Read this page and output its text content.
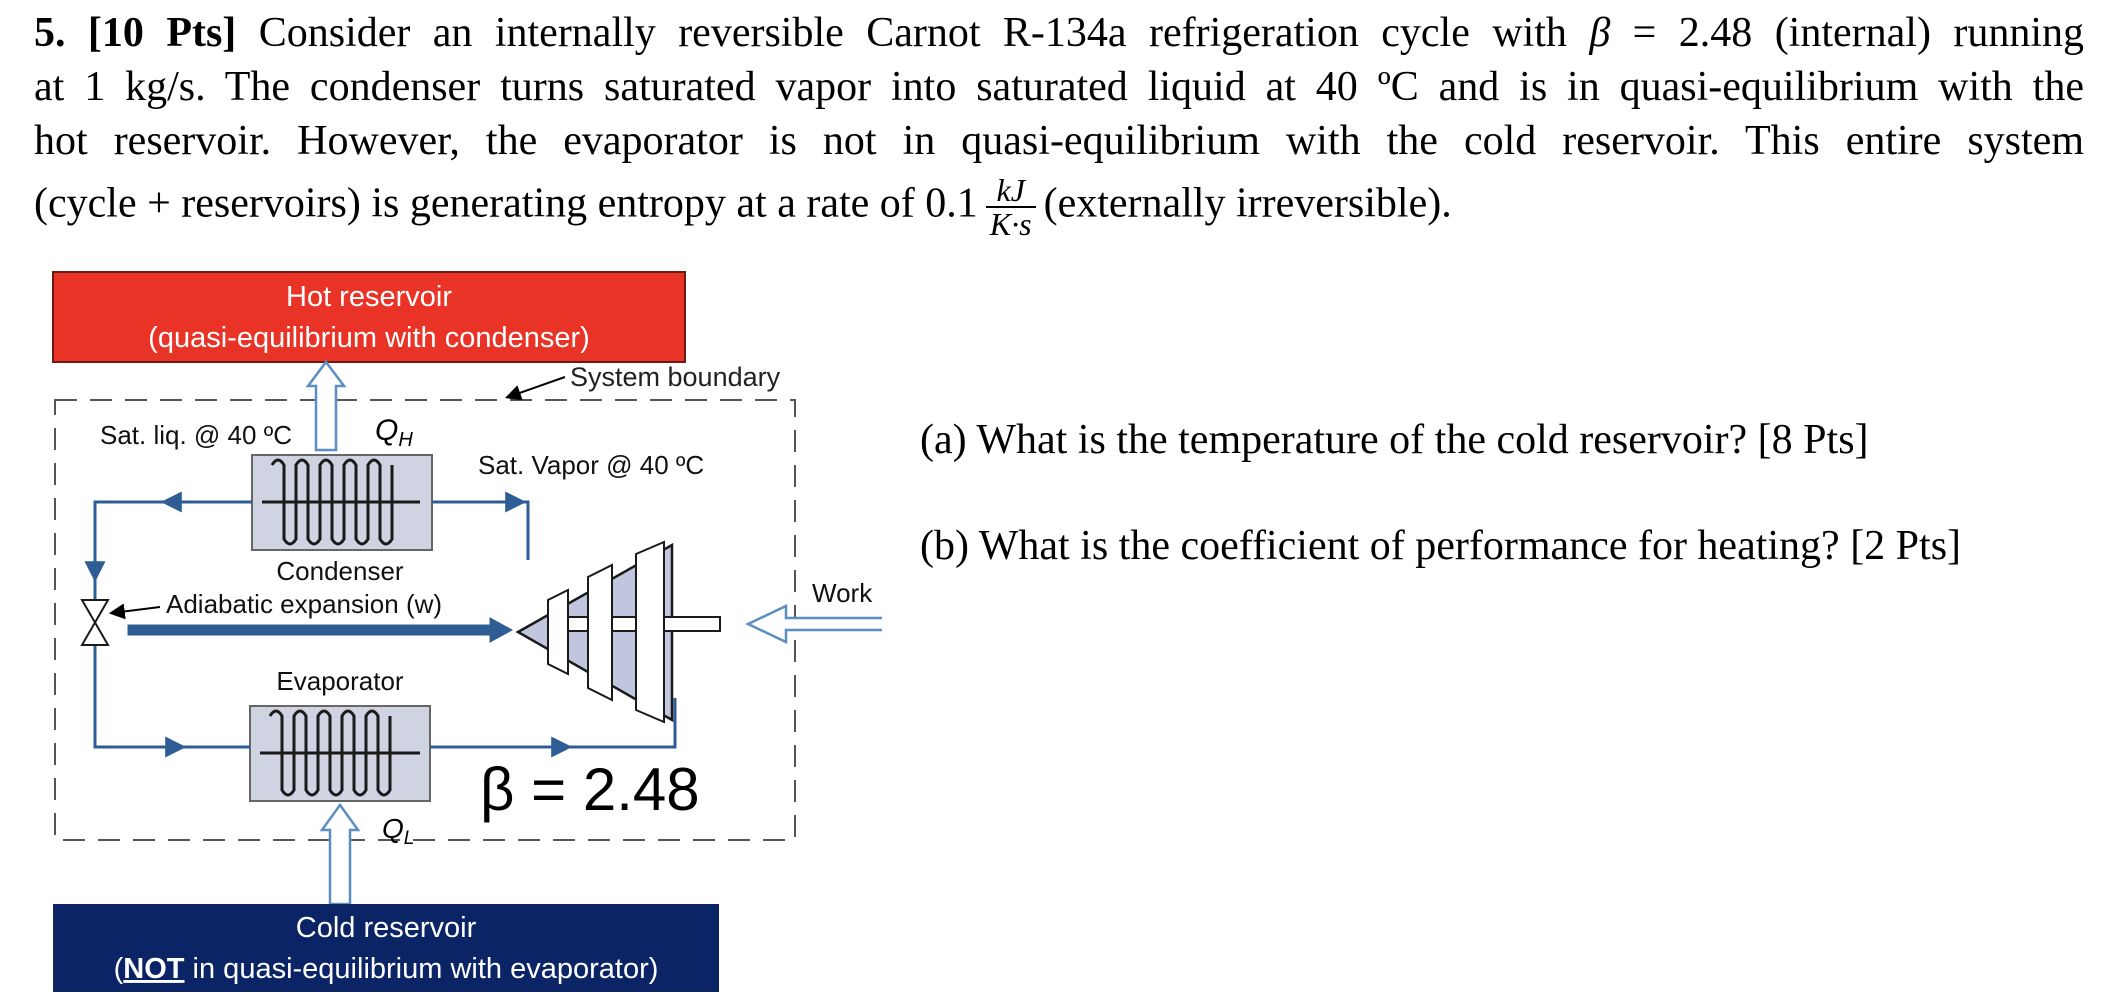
5. [10 Pts] Consider an internally reversible Carnot R-134a refrigeration cycle with β = 2.48 (internal) running
at 1 kg/s. The condenser turns saturated vapor into saturated liquid at 40 ºC and is in quasi-equilibrium with the
hot reservoir. However, the evaporator is not in quasi-equilibrium with the cold reservoir. This entire system
(cycle + reservoirs) is generating entropy at a rate of $0.1 \frac{kJ}{K\cdot s}$ (externally irreversible).
Hot reservoir
(quasi-equilibrium with condenser)
System boundary
$Q_H$
Sat. liq. @ 40 ºC
Sat. Vapor @ 40 ºC
Condenser
Evaporator
Adiabatic expansion (w)	Work
$Q_L$
β = 2.48
Cold reservoir
(NOT in quasi-equilibrium with evaporator)
(a) What is the temperature of the cold reservoir? [8 Pts]
(b) What is the coefficient of performance for heating? [2 Pts]
